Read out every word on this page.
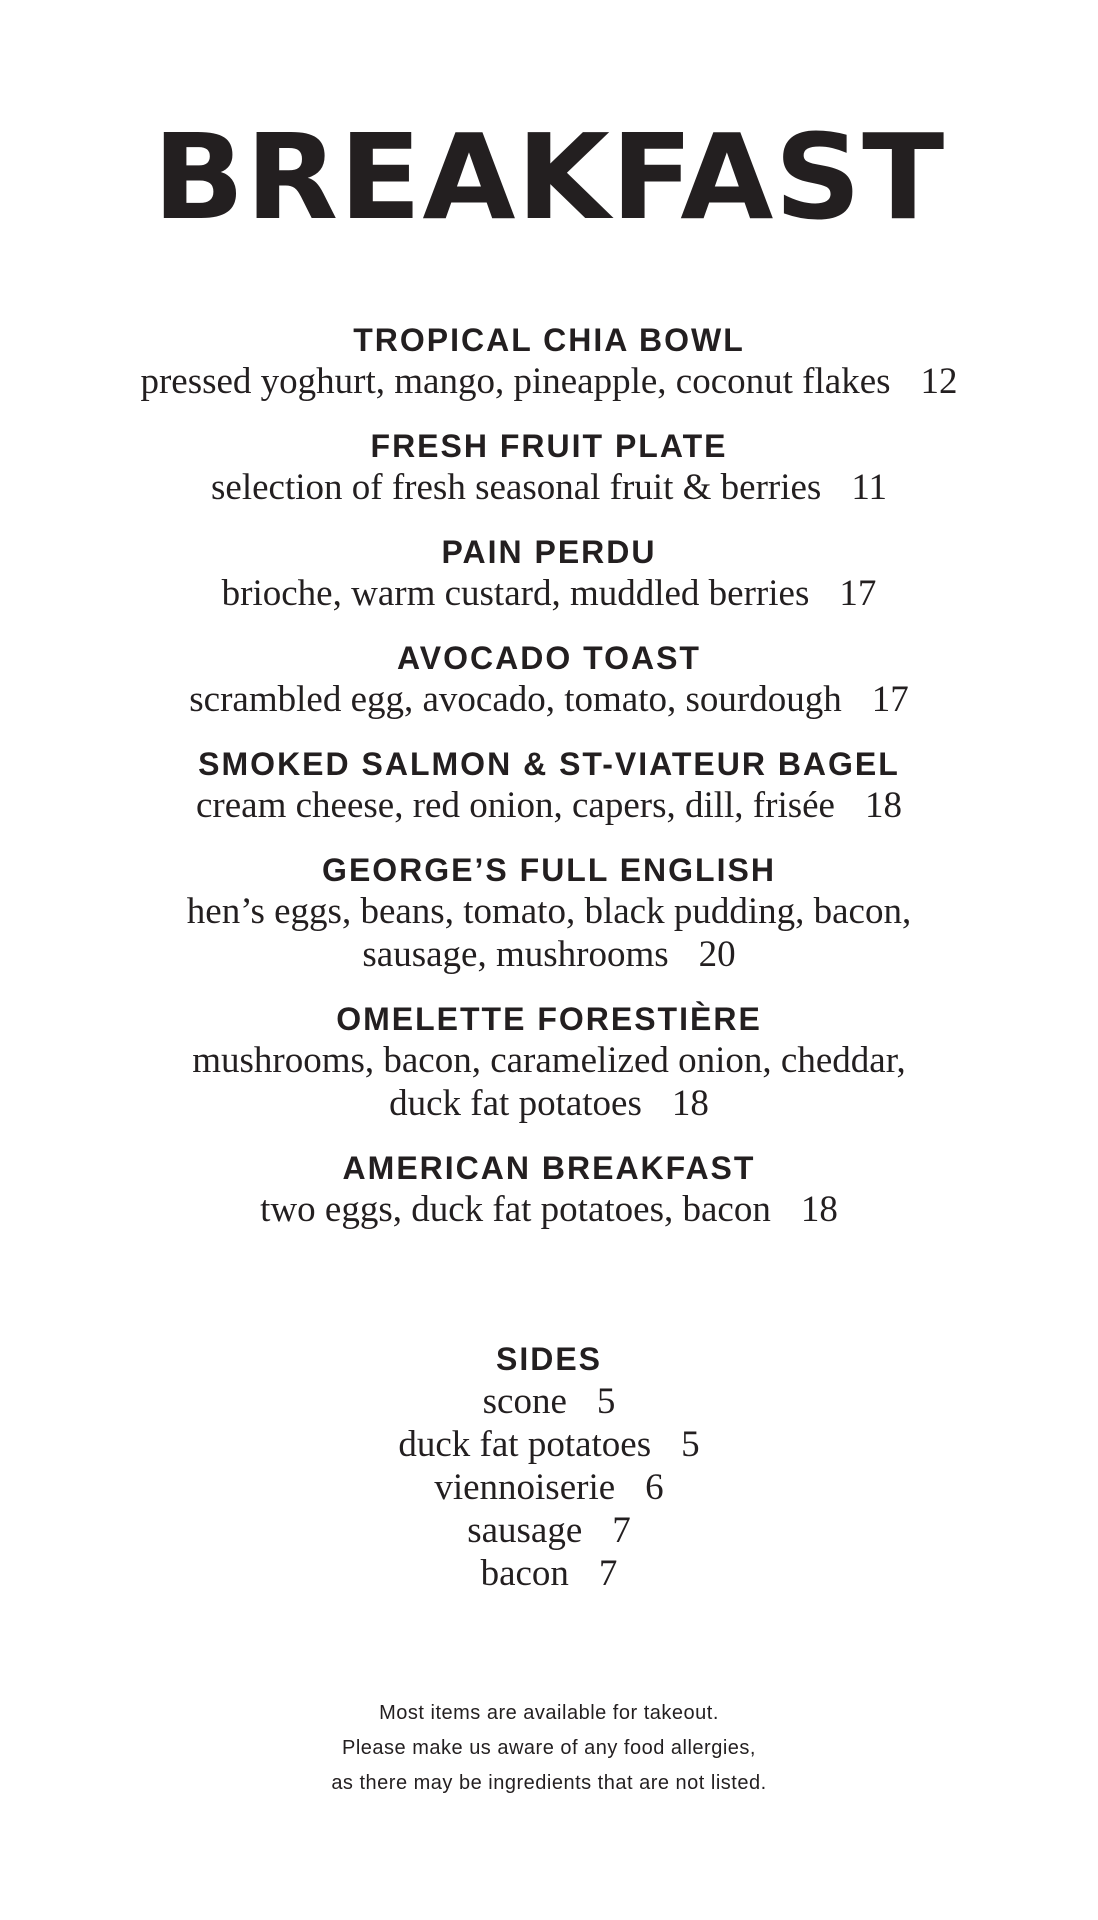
BREAKFAST
TROPICAL CHIA BOWL
pressed yoghurt, mango, pineapple, coconut flakes 12
FRESH FRUIT PLATE
selection of fresh seasonal fruit & berries 11
PAIN PERDU
brioche, warm custard, muddled berries 17
AVOCADO TOAST
scrambled egg, avocado, tomato, sourdough 17
SMOKED SALMON & ST-VIATEUR BAGEL
cream cheese, red onion, capers, dill, frisée 18
GEORGE’S FULL ENGLISH
hen’s eggs, beans, tomato, black pudding, bacon,
sausage, mushrooms 20
OMELETTE FORESTIÈRE
mushrooms, bacon, caramelized onion, cheddar,
duck fat potatoes 18
AMERICAN BREAKFAST
two eggs, duck fat potatoes, bacon 18
SIDES
scone 5
duck fat potatoes 5
viennoiserie 6
sausage 7
bacon 7
Most items are available for takeout.
Please make us aware of any food allergies,
as there may be ingredients that are not listed.
